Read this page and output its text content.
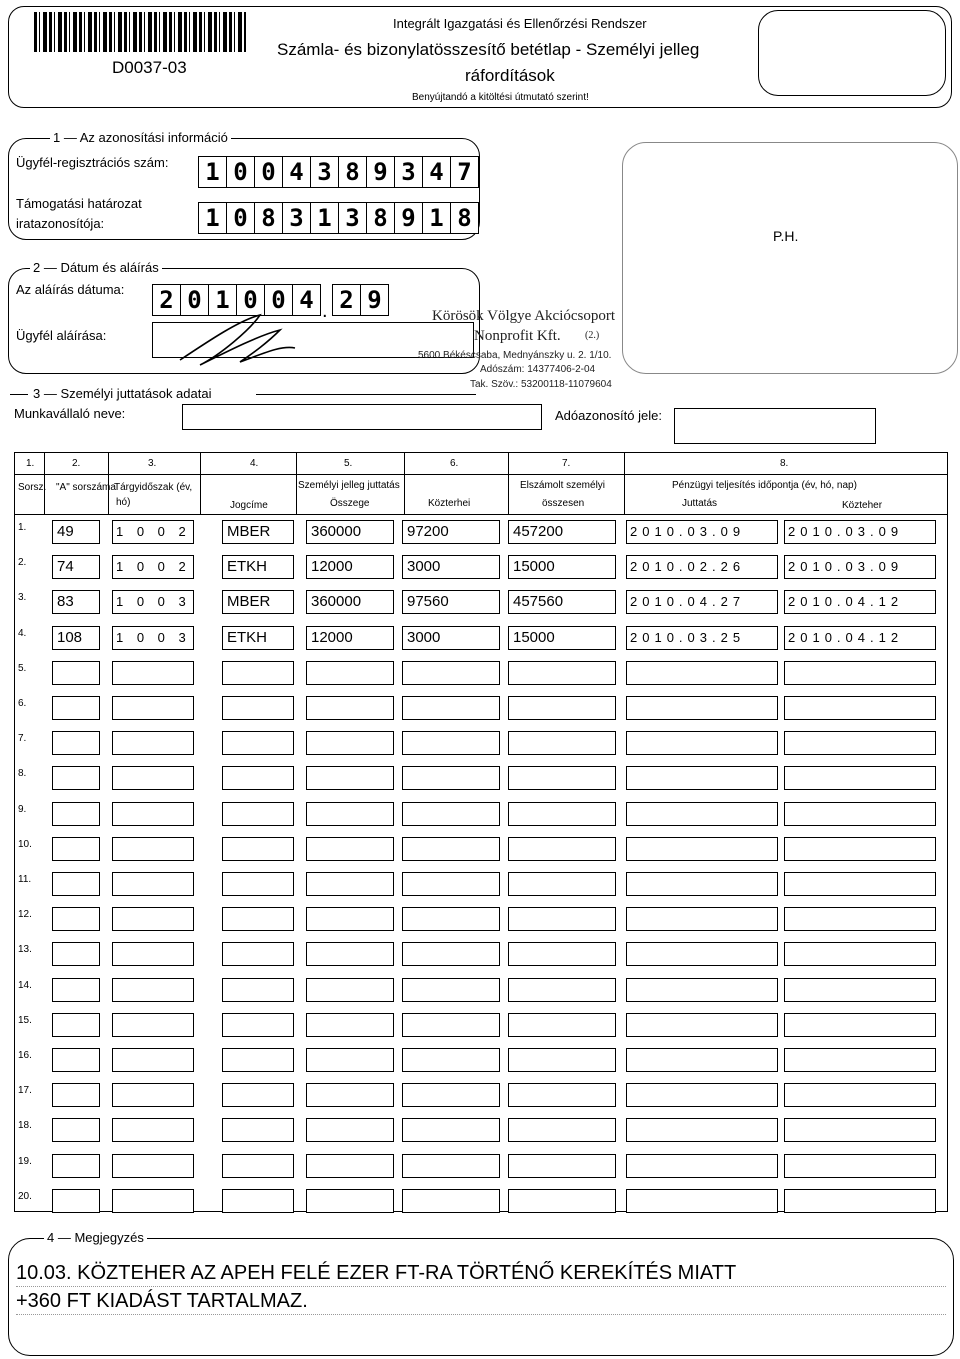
D0037-03
Integrált Igazgatási és Ellenőrzési Rendszer
Számla- és bizonylatösszesítő betétlap - Személyi jelleg
ráfordítások
Benyújtandó a kitöltési útmutató szerint!
1 — Az azonosítási információ
Ügyfél-regisztrációs szám: 1 0 0 4 3 8 9 3 4 7
Támogatási határozat
iratazonosítója:	1 0 8 3 1 3 8 9 1 8
P.H.
2 — Dátum és aláírás
Az aláírás dátuma: 2 0 1 0 0 4 . 2 9
Ügyfél aláírása:
Körösök Völgye Akciócsoport
Nonprofit Kft. (2.)
5600 Békéscsaba, Mednyánszky u. 2. 1/10.
Adószám: 14377406-2-04
Tak. Szöv.: 53200118-11079604
3 — Személyi juttatások adatai
Munkavállaló neve:	Adóazonosító jele:
1.	2.	3.	4.	5.	6.	7.	8.
Sorsz. "A" sorszáma
Tárgyidőszak (év,
hó)	Jogcíme
Személyi jelleg juttatás
Összege	Közterhei
Elszámolt személyi
összesen
Pénzügyi teljesítés időpontja (év, hó, nap)
Juttatás	Közteher
1.	49	1 0 0 2	MBER	360000	97200	457200	2010.03.09	2010.03.09
2.	74	1 0 0 2	ETKH	12000	3000	15000	2010.02.26	2010.03.09
3.	83	1 0 0 3	MBER	360000	97560	457560	2010.04.27	2010.04.12
4.	108	1 0 0 3	ETKH	12000	3000	15000	2010.03.25	2010.04.12
5.
6.
7.
8.
9.
10.
11.
12.
13.
14.
15.
16.
17.
18.
19.
20.
4 — Megjegyzés
10.03. KÖZTEHER AZ APEH FELÉ EZER FT-RA TÖRTÉNŐ KEREKÍTÉS MIATT
+360 FT KIADÁST TARTALMAZ.
